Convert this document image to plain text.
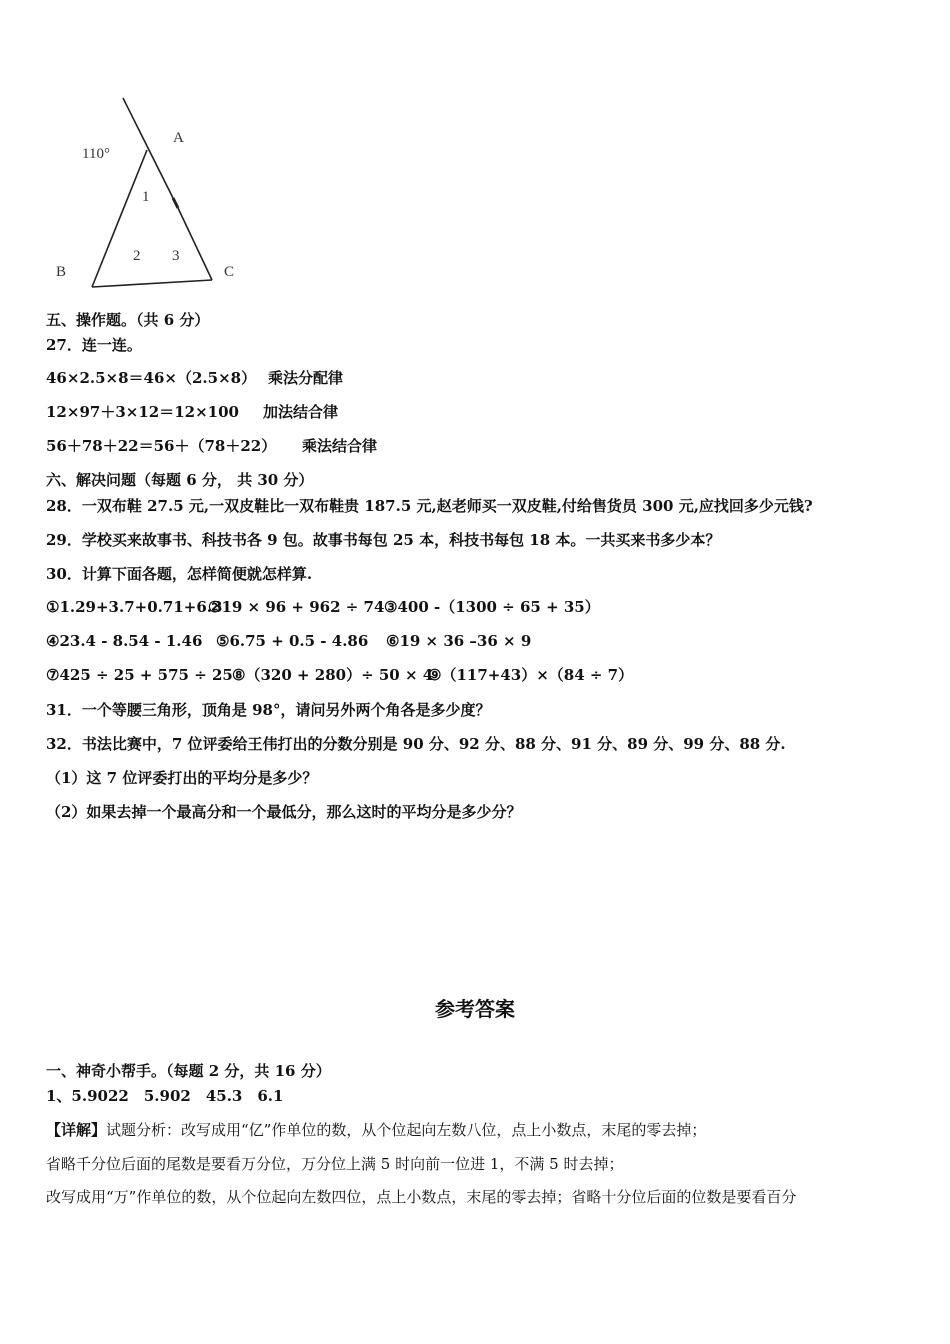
110°
A
B	C
1
2 3
五、操作题。（共 6 分）
27．连一连。
46×2.5×8＝46×（2.5×8） 乘法分配律
12×97＋3×12＝12×100 加法结合律
56＋78＋22＝56＋（78＋22） 乘法结合律
六、解决问题（每题 6 分， 共 30 分）
28．一双布鞋 27.5 元,一双皮鞋比一双布鞋贵 187.5 元,赵老师买一双皮鞋,付给售货员 300 元,应找回多少元钱?
29．学校买来故事书、科技书各 9 包。故事书每包 25 本，科技书每包 18 本。一共买来书多少本？
30．计算下面各题，怎样简便就怎样算.
①1.29+3.7+0.71+6.3②19 × 96 + 962 ÷ 74③400 -（1300 ÷ 65 + 35）
④23.4 - 8.54 - 1.46 ⑤6.75 + 0.5 - 4.86 ⑥19 × 36 –36 × 9
⑦425 ÷ 25 + 575 ÷ 25⑧（320 + 280）÷ 50 × 4⑨（117+43）×（84 ÷ 7）
31．一个等腰三角形，顶角是 98°，请问另外两个角各是多少度？
32．书法比赛中，7 位评委给王伟打出的分数分别是 90 分、92 分、88 分、91 分、89 分、99 分、88 分.
（1）这 7 位评委打出的平均分是多少？
（2）如果去掉一个最高分和一个最低分，那么这时的平均分是多少分？
参考答案
一、神奇小帮手。（每题 2 分，共 16 分）
1、5.9022　5.902　45.3　6.1
【详解】试题分析：改写成用“亿”作单位的数，从个位起向左数八位，点上小数点，末尾的零去掉；
省略千分位后面的尾数是要看万分位，万分位上满 5 时向前一位进 1，不满 5 时去掉；
改写成用“万”作单位的数，从个位起向左数四位，点上小数点，末尾的零去掉；省略十分位后面的位数是要看百分
